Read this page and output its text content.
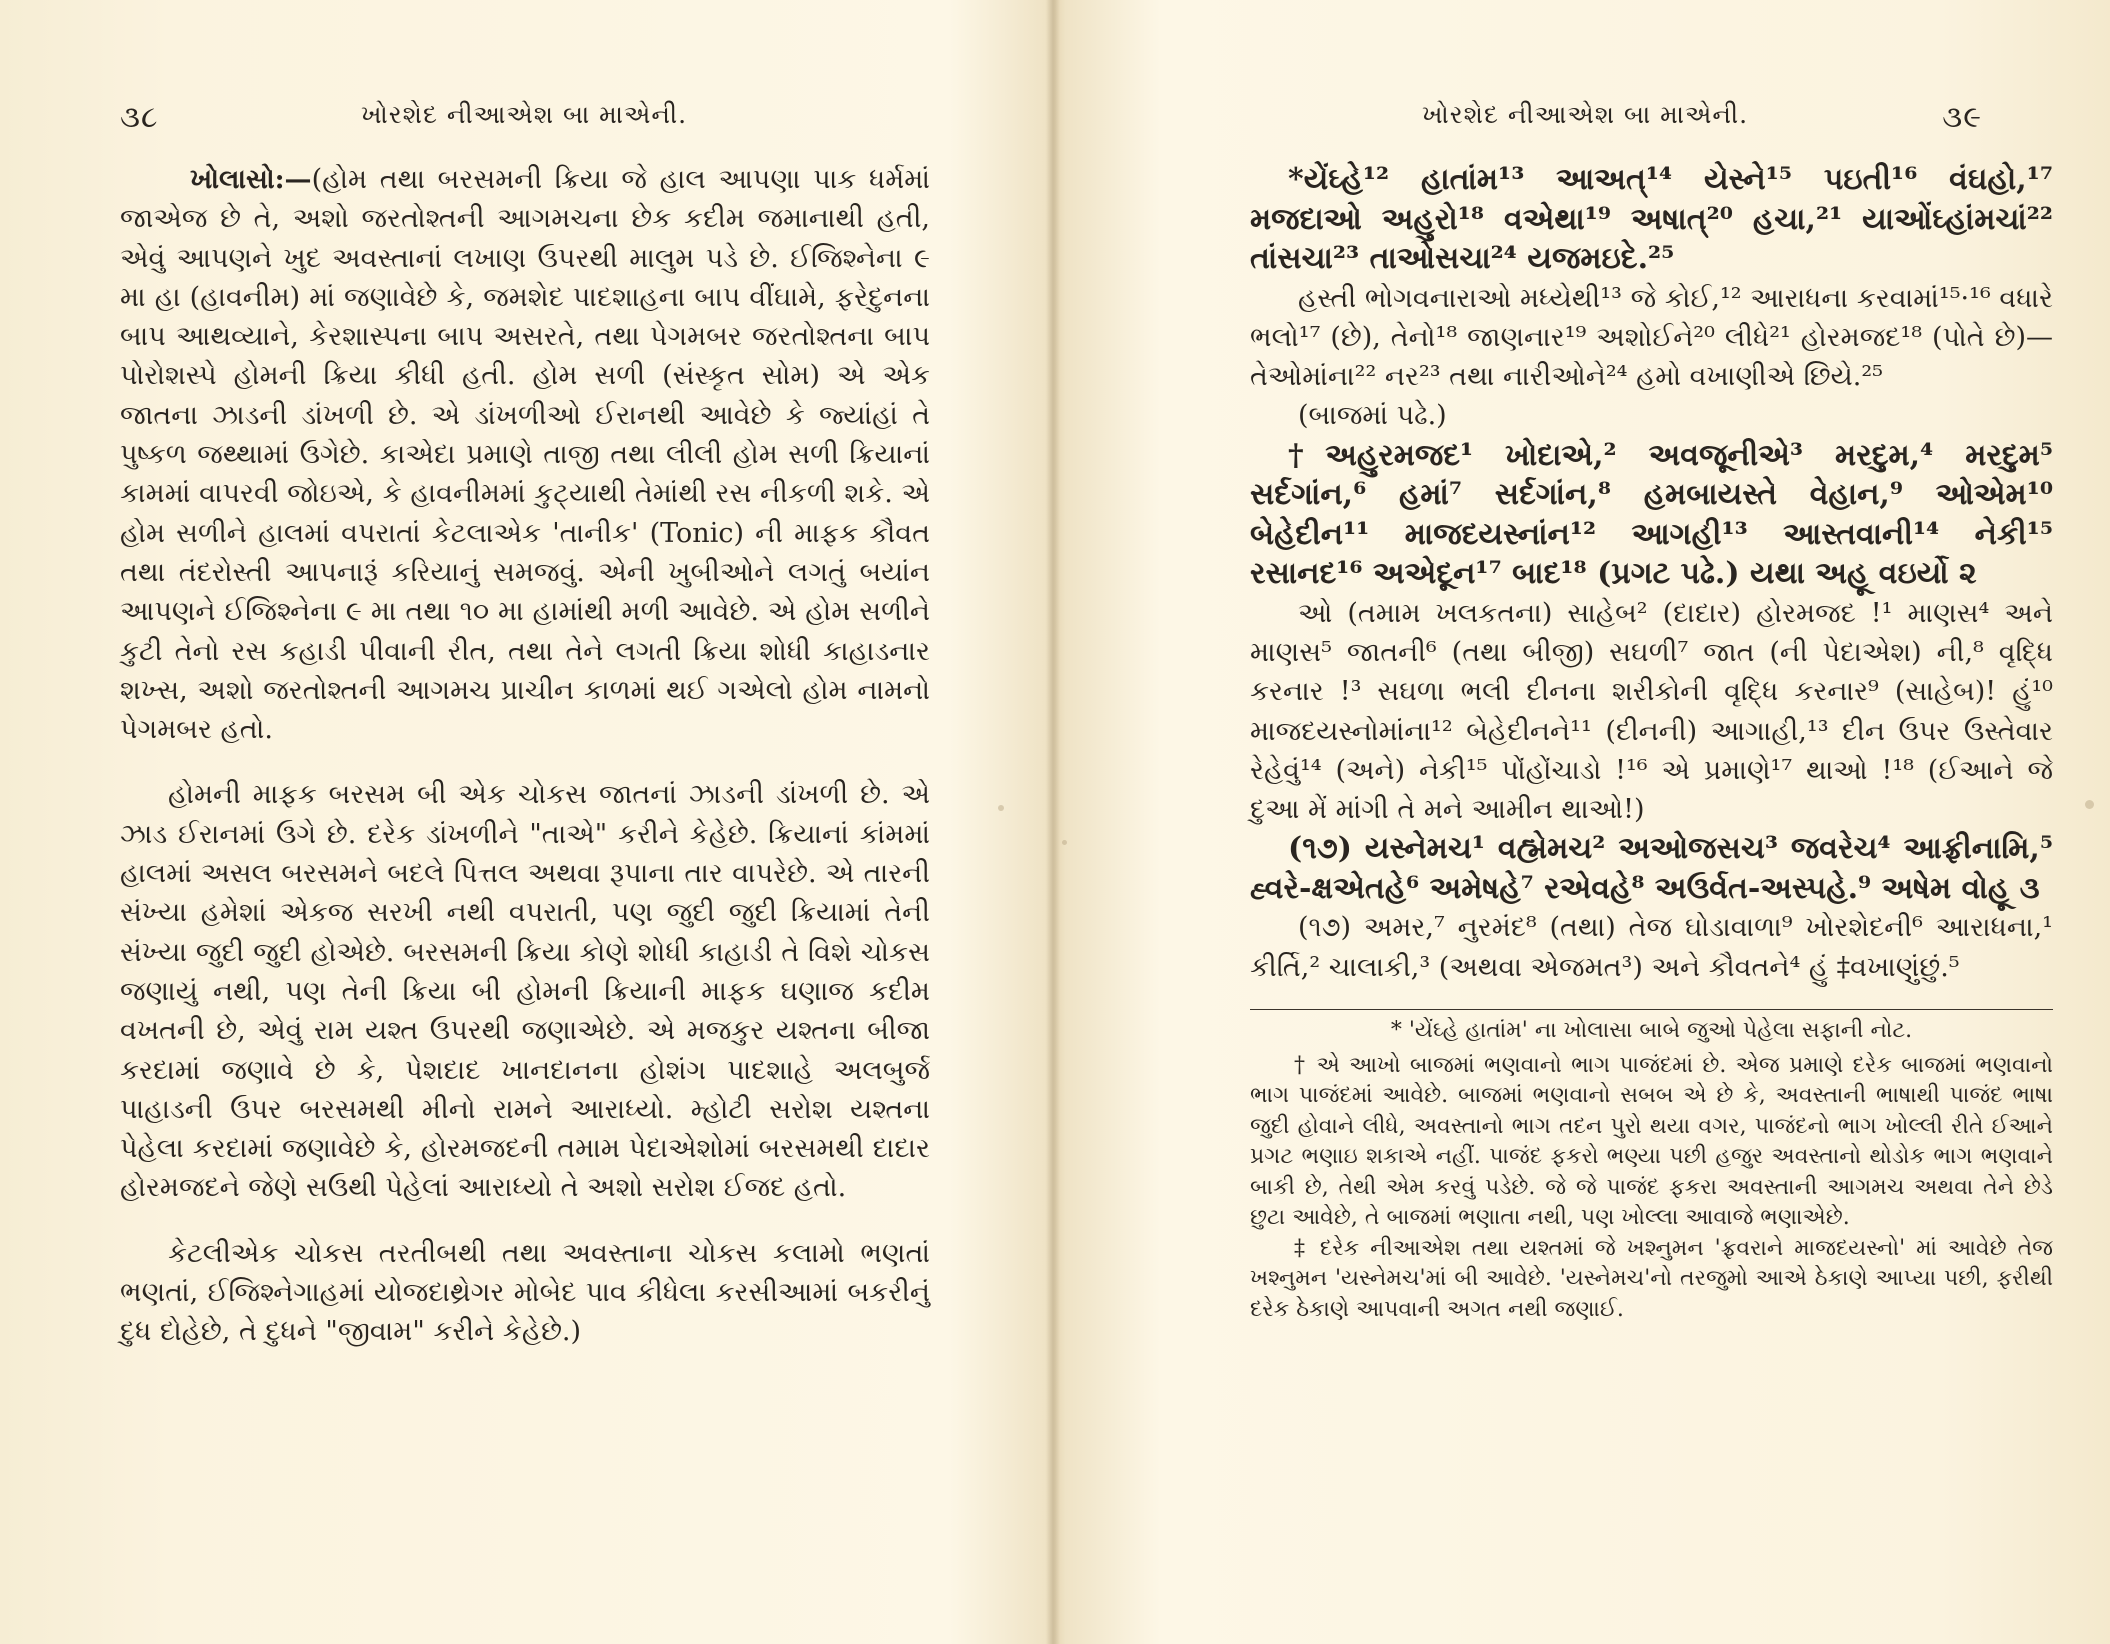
૩૮	ખોરશેદ નીઆએશ બા માએની.

ખોલાસો:—(હોમ તથા બરસમની ક્રિયા જે હાલ આપણા પાક ધર્મમાં જાએજ છે તે, અશો જરતોશ્તની આગમચના છેક કદીમ જમાનાથી હતી, એવું આપણને ખુદ અવસ્તાનાં લખાણ ઉપરથી માલુમ પડે છે. ઈજિશ્નેના ૯ મા હા (હાવનીમ) માં જણાવેછે કે, જમશેદ પાદશાહના બાપ વીંઘામે, ફરેદુનના બાપ આથવ્યાને, કેરશાસ્પના બાપ અસરતે, તથા પેગમબર જરતોશ્તના બાપ પોરોશસ્પે હોમની ક્રિયા કીધી હતી. હોમ સળી (સંસ્કૃત સોમ) એ એક જાતના ઝાડની ડાંખળી છે. એ ડાંખળીઓ ઈરાનથી આવેછે કે જ્યાંહાં તે પુષ્કળ જથ્થામાં ઉગેછે. કાએદા પ્રમાણે તાજી તથા લીલી હોમ સળી ક્રિયાનાં કામમાં વાપરવી જોઇએ, કે હાવનીમમાં કુટ્યાથી તેમાંથી રસ નીકળી શકે. એ હોમ સળીને હાલમાં વપરાતાં કેટલાએક 'તાનીક' (Tonic) ની માફક કૌવત તથા તંદરોસ્તી આપનારૂં કરિયાનું સમજવું. એની ખુબીઓને લગતું બયાંન આપણને ઈજિશ્નેના ૯ મા તથા ૧૦ મા હામાંથી મળી આવેછે. એ હોમ સળીને કુટી તેનો રસ કહાડી પીવાની રીત, તથા તેને લગતી ક્રિયા શોધી કાહાડનાર શખ્સ, અશો જરતોશ્તની આગમચ પ્રાચીન કાળમાં થઈ ગએલો હોમ નામનો પેગમબર હતો.

હોમની માફક બરસમ બી એક ચોકસ જાતનાં ઝાડની ડાંખળી છે. એ ઝાડ ઈરાનમાં ઉગે છે. દરેક ડાંખળીને "તાએ" કરીને કેહેછે. ક્રિયાનાં કાંમમાં હાલમાં અસલ બરસમને બદલે પિત્તલ અથવા રૂપાના તાર વાપરેછે. એ તારની સંખ્યા હમેશાં એકજ સરખી નથી વપરાતી, પણ જુદી જુદી ક્રિયામાં તેની સંખ્યા જુદી જુદી હોએછે. બરસમની ક્રિયા કોણે શોધી કાહાડી તે વિશે ચોકસ જણાયું નથી, પણ તેની ક્રિયા બી હોમની ક્રિયાની માફક ઘણાજ કદીમ વખતની છે, એવું રામ યશ્ત ઉપરથી જણાએછે. એ મજકુર યશ્તના બીજા કરદામાં જણાવે છે કે, પેશદાદ ખાનદાનના હોશંગ પાદશાહે અલબુર્જ પાહાડની ઉપર બરસમથી મીનો રામને આરાધ્યો. મ્હોટી સરોશ યશ્તના પેહેલા કરદામાં જણાવેછે કે, હોરમજદની તમામ પેદાએશોમાં બરસમથી દાદાર હોરમજદને જેણે સઉથી પેહેલાં આરાધ્યો તે અશો સરોશ ઈજદ હતો.

કેટલીએક ચોકસ તરતીબથી તથા અવસ્તાના ચોકસ કલામો ભણતાં ભણતાં, ઈજિશ્નેગાહમાં યોજદાથ્રેગર મોબેદ પાવ કીધેલા કરસીઆમાં બકરીનું દુધ દોહેછે, તે દુધને "જીવામ" કરીને કેહેછે.)

ખોરશેદ નીઆએશ બા માએની.	૩૯

*યેંઘ્હે¹² હાતાંમ¹³ આઅત્¹⁴ યેસ્ને¹⁵ પઇતી¹⁶ વંઘહો,¹⁷ મજદાઓ અહુરો¹⁸ વએથા¹⁹ અષાત્²⁰ હચા,²¹ યાઓંઘ્હાંમચાં²² તાંસચા²³ તાઓસચા²⁴ યજમઇદે.²⁵

હસ્તી ભોગવનારાઓ મધ્યેથી¹³ જે કોઈ,¹² આરાધના કરવામાં¹⁵·¹⁶ વધારે ભલો¹⁷ (છે), તેનો¹⁸ જાણનાર¹⁹ અશોઈને²⁰ લીધે²¹ હોરમજદ¹⁸ (પોતે છે)—તેઓમાંના²² નર²³ તથા નારીઓને²⁴ હમો વખાણીએ છિયે.²⁵

(બાજમાં પઢે.)

†અહુરમજદ¹ ખોદાએ,² અવજૂનીએ³ મરદુમ,⁴ મરદુમ⁵ સર્દગાંન,⁶ હમાં⁷ સર્દગાંન,⁸ હમબાયસ્તે વેહાન,⁹ ઓએમ¹⁰ બેહેદીન¹¹ માજદયસ્નાંન¹² આગહી¹³ આસ્તવાની¹⁴ નેકી¹⁵ રસાનદ¹⁶ અએદૂન¹⁷ બાદ¹⁸ (પ્રગટ પઢે.) યથા અહૂ વઇર્યો ૨

ઓ (તમામ ખલકતના) સાહેબ² (દાદાર) હોરમજદ !¹ માણસ⁴ અને માણસ⁵ જાતની⁶ (તથા બીજી) સઘળી⁷ જાત (ની પેદાએશ) ની,⁸ વૃદ્ધિ કરનાર !³ સઘળા ભલી દીનના શરીકોની વૃદ્ધિ કરનાર⁹ (સાહેબ)! હું¹⁰ માજદયસ્નોમાંના¹² બેહેદીનને¹¹ (દીનની) આગાહી,¹³ દીન ઉપર ઉસ્તેવાર રેહેવું¹⁴ (અને) નેકી¹⁵ પોંહોંચાડો !¹⁶ એ પ્રમાણે¹⁷ થાઓ !¹⁸ (ઈઆને જે દુઆ મેં માંગી તે મને આમીન થાઓ!)

(૧૭) યસ્નેમચ¹ વહ્મેમચ² અઓજસચ³ જવરેચ⁴ આફ્રીનામિ,⁵ હ્વરે-ક્ષએતહે⁶ અમેષહે⁷ રએવહે⁸ અઉર્વત-અસ્પહે.⁹ અષેમ વોહૂ ૩

(૧૭) અમર,⁷ નુરમંદ⁸ (તથા) તેજ ઘોડાવાળા⁹ ખોરશેદની⁶ આરાધના,¹ કીર્તિ,² ચાલાકી,³ (અથવા એજમત³) અને કૌવતને⁴ હું ‡વખાણુંછું.⁵

* 'યેંઘ્હે હાતાંમ' ના ખોલાસા બાબે જુઓ પેહેલા સફાની નોટ.

† એ આખો બાજમાં ભણવાનો ભાગ પાજંદમાં છે. એજ પ્રમાણે દરેક બાજમાં ભણવાનો ભાગ પાજંદમાં આવેછે. બાજમાં ભણવાનો સબબ એ છે કે, અવસ્તાની ભાષાથી પાજંદ ભાષા જુદી હોવાને લીધે, અવસ્તાનો ભાગ તદન પુરો થયા વગર, પાજંદનો ભાગ ખોલ્લી રીતે ઈઆને પ્રગટ ભણાઇ શકાએ નહીં. પાજંદ ફકરો ભણ્યા પછી હજુર અવસ્તાનો થોડોક ભાગ ભણવાને બાકી છે, તેથી એમ કરવું પડેછે. જે જે પાજંદ ફકરા અવસ્તાની આગમચ અથવા તેને છેડે છુટા આવેછે, તે બાજમાં ભણાતા નથી, પણ ખોલ્લા આવાજે ભણાએછે.

‡ દરેક નીઆએશ તથા યશ્તમાં જે ખશ્નુમન 'ફ્રવરાને માજદયસ્નો' માં આવેછે તેજ ખશ્નુમન 'યસ્નેમચ'માં બી આવેછે. 'યસ્નેમચ'નો તરજુમો આએ ઠેકાણે આપ્યા પછી, ફરીથી દરેક ઠેકાણે આપવાની અગત નથી જણાઈ.
